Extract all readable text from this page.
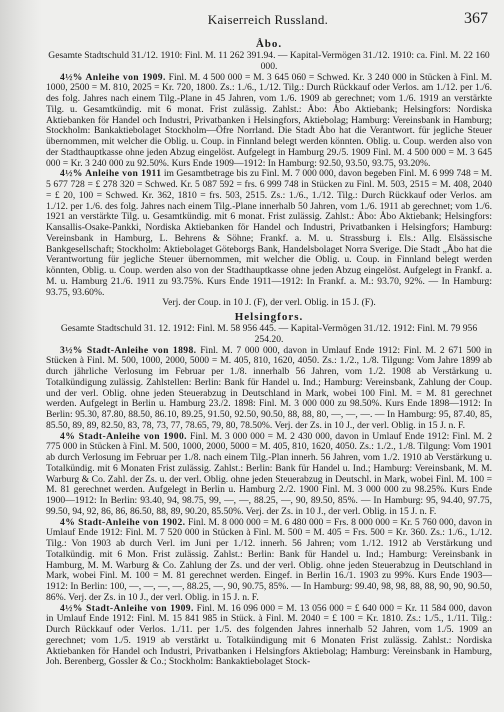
Kaiserreich Russland.	367
Åbo.

Gesamte Stadtschuld 31./12. 1910: Finl. M. 11 262 391.94. — Kapital-Vermögen 31./12. 1910: ca. Finl. M. 22 160 000.

4½% Anleihe von 1909. Finl. M. 4 500 000 = M. 3 645 060 = Schwed. Kr. 3 240 000 in Stücken à Finl. M. 1000, 2500 = M. 810, 2025 = Kr. 720, 1800. Zs.: 1./6., 1./12. Tilg.: Durch Rückkauf oder Verlos. am 1./12. per 1./6. des folg. Jahres nach einem Tilg.-Plane in 45 Jahren, vom 1./6. 1909 ab gerechnet; vom 1./6. 1919 an verstärkte Tilg. u. Gesamtkündig. mit 6 monat. Frist zulässig. Zahlst.: Åbo: Åbo Aktiebank; Helsingfors: Nordiska Aktiebanken för Handel och Industri, Privatbanken i Helsingfors, Aktiebolag; Hamburg: Vereinsbank in Hamburg; Stockholm: Bankaktiebolaget Stockholm—Öfre Norrland. Die Stadt Åbo hat die Verantwort. für jegliche Steuer übernommen, mit welcher die Oblig. u. Coup. in Finnland belegt werden könnten. Oblig. u. Coup. werden also von der Stadthauptkasse ohne jeden Abzug eingelöst. Aufgelegt in Hamburg 29./5. 1909 Finl. M. 4 500 000 = M. 3 645 000 = Kr. 3 240 000 zu 92.50%. Kurs Ende 1909—1912: In Hamburg: 92.50, 93.50, 93.75, 93.20%.

4½% Anleihe von 1911 im Gesamtbetrage bis zu Finl. M. 7 000 000, davon begeben Finl. M. 6 999 748 = M. 5 677 728 = £ 278 320 = Schwed. Kr. 5 087 592 = frs. 6 999 748 in Stücken zu Finl. M. 503, 2515 = M. 408, 2040 = £ 20, 100 = Schwed. Kr. 362, 1810 = frs. 503, 2515. Zs.: 1./6., 1./12. Tilg.: Durch Rückkauf oder Verlos. am 1./12. per 1./6. des folg. Jahres nach einem Tilg.-Plane innerhalb 50 Jahren, vom 1./6. 1911 ab gerechnet; vom 1./6. 1921 an verstärkte Tilg. u. Gesamtkündig. mit 6 monat. Frist zulässig. Zahlst.: Åbo: Åbo Aktiebank; Helsingfors: Kansallis-Osake-Pankki, Nordiska Aktiebanken för Handel och Industri, Privatbanken i Helsingfors; Hamburg: Vereinsbank in Hamburg, L. Behrens & Söhne; Frankf. a. M. u. Strassburg i. Els.: Allg. Elsässische Bankgesellschaft; Stockholm: Aktiebolaget Göteborgs Bank, Handelsbolaget Norra Sverige. Die Stadt „Åbo hat die Verantwortung für jegliche Steuer übernommen, mit welcher die Oblig. u. Coup. in Finnland belegt werden könnten, Oblig. u. Coup. werden also von der Stadthauptkasse ohne jeden Abzug eingelöst. Aufgelegt in Frankf. a. M. u. Hamburg 21./6. 1911 zu 93.75%. Kurs Ende 1911—1912: In Frankf. a. M.: 93.70, 92%. — In Hamburg: 93.75, 93.60%.

Verj. der Coup. in 10 J. (F), der verl. Oblig. in 15 J. (F).

Helsingfors.

Gesamte Stadtschuld 31. 12. 1912: Finl. M. 58 956 445. — Kapital-Vermögen 31./12. 1912: Finl. M. 79 956 254.20.

3½% Stadt-Anleihe von 1898. Finl. M. 7 000 000, davon in Umlauf Ende 1912: Finl. M. 2 671 500 in Stücken à Finl. M. 500, 1000, 2000, 5000 = M. 405, 810, 1620, 4050. Zs.: 1./2., 1./8. Tilgung: Vom Jahre 1899 ab durch jährliche Verlosung im Februar per 1./8. innerhalb 56 Jahren, vom 1./2. 1908 ab Verstärkung u. Totalkündigung zulässig. Zahlstellen: Berlin: Bank für Handel u. Ind.; Hamburg: Vereinsbank, Zahlung der Coup. und der verl. Oblig. ohne jeden Steuerabzug in Deutschland in Mark, wobei 100 Finl. M. = M. 81 gerechnet werden. Aufgelegt in Berlin u. Hamburg 23./2. 1898: Finl. M. 3 000 000 zu 98.50%. Kurs Ende 1898—1912: In Berlin: 95.30, 87.80, 88.50, 86.10, 89.25, 91.50, 92.50, 90.50, 88, 88, 80, —, —, —. — In Hamburg: 95, 87.40, 85, 85.50, 89, 89, 82.50, 83, 78, 73, 77, 78.65, 79, 80, 78.50%. Verj. der Zs. in 10 J., der verl. Oblig. in 15 J. n. F.

4% Stadt-Anleihe von 1900. Finl. M. 3 000 000 = M. 2 430 000, davon in Umlauf Ende 1912: Finl. M. 2 775 000 in Stücken à Finl. M. 500, 1000, 2000, 5000 = M. 405, 810, 1620, 4050. Zs.: 1./2., 1./8. Tilgung: Vom 1901 ab durch Verlosung im Februar per 1./8. nach einem Tilg.-Plan innerh. 56 Jahren, vom 1./2. 1910 ab Verstärkung u. Totalkündig. mit 6 Monaten Frist zulässig. Zahlst.: Berlin: Bank für Handel u. Ind.; Hamburg: Vereinsbank, M. M. Warburg & Co. Zahl. der Zs. u. der verl. Oblig. ohne jeden Steuerabzug in Deutschl. in Mark, wobei Finl. M. 100 = M. 81 gerechnet werden. Aufgelegt in Berlin u. Hamburg 2./2. 1900 Finl. M. 3 000 000 zu 98.25%. Kurs Ende 1900—1912: In Berlin: 93.40, 94, 98.75, 99, —, —, 88.25, —, 90, 89.50, 85%. — In Hamburg: 95, 94.40, 97.75, 99.50, 94, 92, 86, 86, 86.50, 88, 89, 90.20, 85.50%. Verj. der Zs. in 10 J., der verl. Oblig. in 15 J. n. F.

4% Stadt-Anleihe von 1902. Finl. M. 8 000 000 = M. 6 480 000 = Frs. 8 000 000 = Kr. 5 760 000, davon in Umlauf Ende 1912: Finl. M. 7 520 000 in Stücken à Finl. M. 500 = M. 405 = Frs. 500 = Kr. 360. Zs.: 1./6., 1./12. Tilg.: Von 1903 ab durch Verl. im Juni per 1./12. innerh. 56 Jahren; vom 1./12. 1912 ab Verstärkung und Totalkündig. mit 6 Mon. Frist zulässig. Zahlst.: Berlin: Bank für Handel u. Ind.; Hamburg: Vereinsbank in Hamburg, M. M. Warburg & Co. Zahlung der Zs. und der verl. Oblig. ohne jeden Steuerabzug in Deutschland in Mark, wobei Finl. M. 100 = M. 81 gerechnet werden. Eingef. in Berlin 16./1. 1903 zu 99%. Kurs Ende 1903—1912: In Berlin: 100, —, —, —, —, 88.25, —, 90, 90.75, 85%. — In Hamburg: 99.40, 98, 98, 88, 88, 90, 90, 90.50, 86%. Verj. der Zs. in 10 J., der verl. Oblig. in 15 J. n. F.

4½% Stadt-Anleihe von 1909. Finl. M. 16 096 000 = M. 13 056 000 = £ 640 000 = Kr. 11 584 000, davon in Umlauf Ende 1912: Finl. M. 15 841 985 in Stück. à Finl. M. 2040 = £ 100 = Kr. 1810. Zs.: 1./5., 1./11. Tilg.: Durch Rückkauf oder Verlos. 1./11. per 1./5. des folgenden Jahres innerhalb 52 Jahren, vom 1./5. 1909 an gerechnet; vom 1./5. 1919 ab verstärkt u. Totalkündigung mit 6 Monaten Frist zulässig. Zahlst.: Nordiska Aktiebanken för Handel och Industri, Privatbanken i Helsingfors Aktiebolag; Hamburg: Vereinsbank in Hamburg, Joh. Berenberg, Gossler & Co.; Stockholm: Bankaktiebolaget Stock-
